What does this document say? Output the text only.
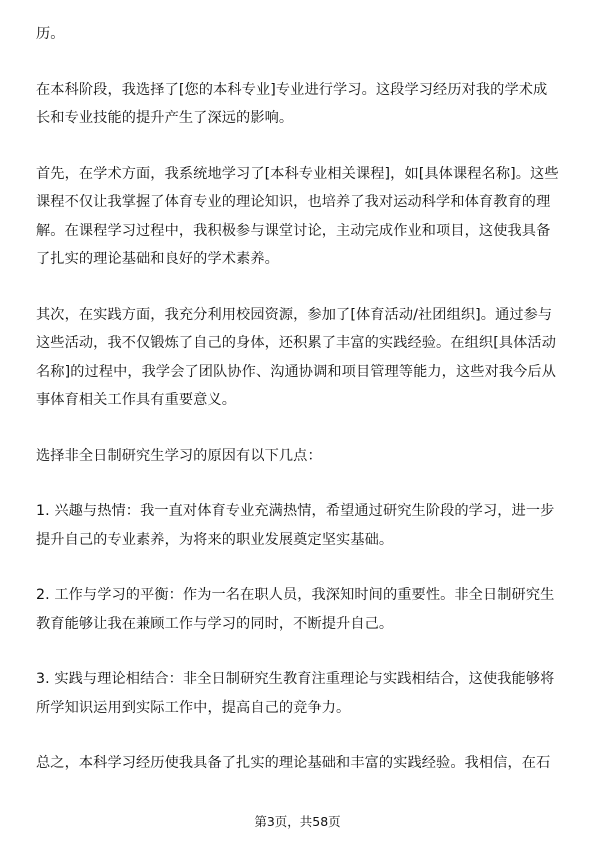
历。

在本科阶段，我选择了[您的本科专业]专业进行学习。这段学习经历对我的学术成
长和专业技能的提升产生了深远的影响。

首先，在学术方面，我系统地学习了[本科专业相关课程]，如[具体课程名称]。这些
课程不仅让我掌握了体育专业的理论知识，也培养了我对运动科学和体育教育的理
解。在课程学习过程中，我积极参与课堂讨论，主动完成作业和项目，这使我具备
了扎实的理论基础和良好的学术素养。

其次，在实践方面，我充分利用校园资源，参加了[体育活动/社团组织]。通过参与
这些活动，我不仅锻炼了自己的身体，还积累了丰富的实践经验。在组织[具体活动
名称]的过程中，我学会了团队协作、沟通协调和项目管理等能力，这些对我今后从
事体育相关工作具有重要意义。

选择非全日制研究生学习的原因有以下几点：

1. 兴趣与热情：我一直对体育专业充满热情，希望通过研究生阶段的学习，进一步
提升自己的专业素养，为将来的职业发展奠定坚实基础。

2. 工作与学习的平衡：作为一名在职人员，我深知时间的重要性。非全日制研究生
教育能够让我在兼顾工作与学习的同时，不断提升自己。

3. 实践与理论相结合：非全日制研究生教育注重理论与实践相结合，这使我能够将
所学知识运用到实际工作中，提高自己的竞争力。

总之，本科学习经历使我具备了扎实的理论基础和丰富的实践经验。我相信，在石

第3页，共58页
